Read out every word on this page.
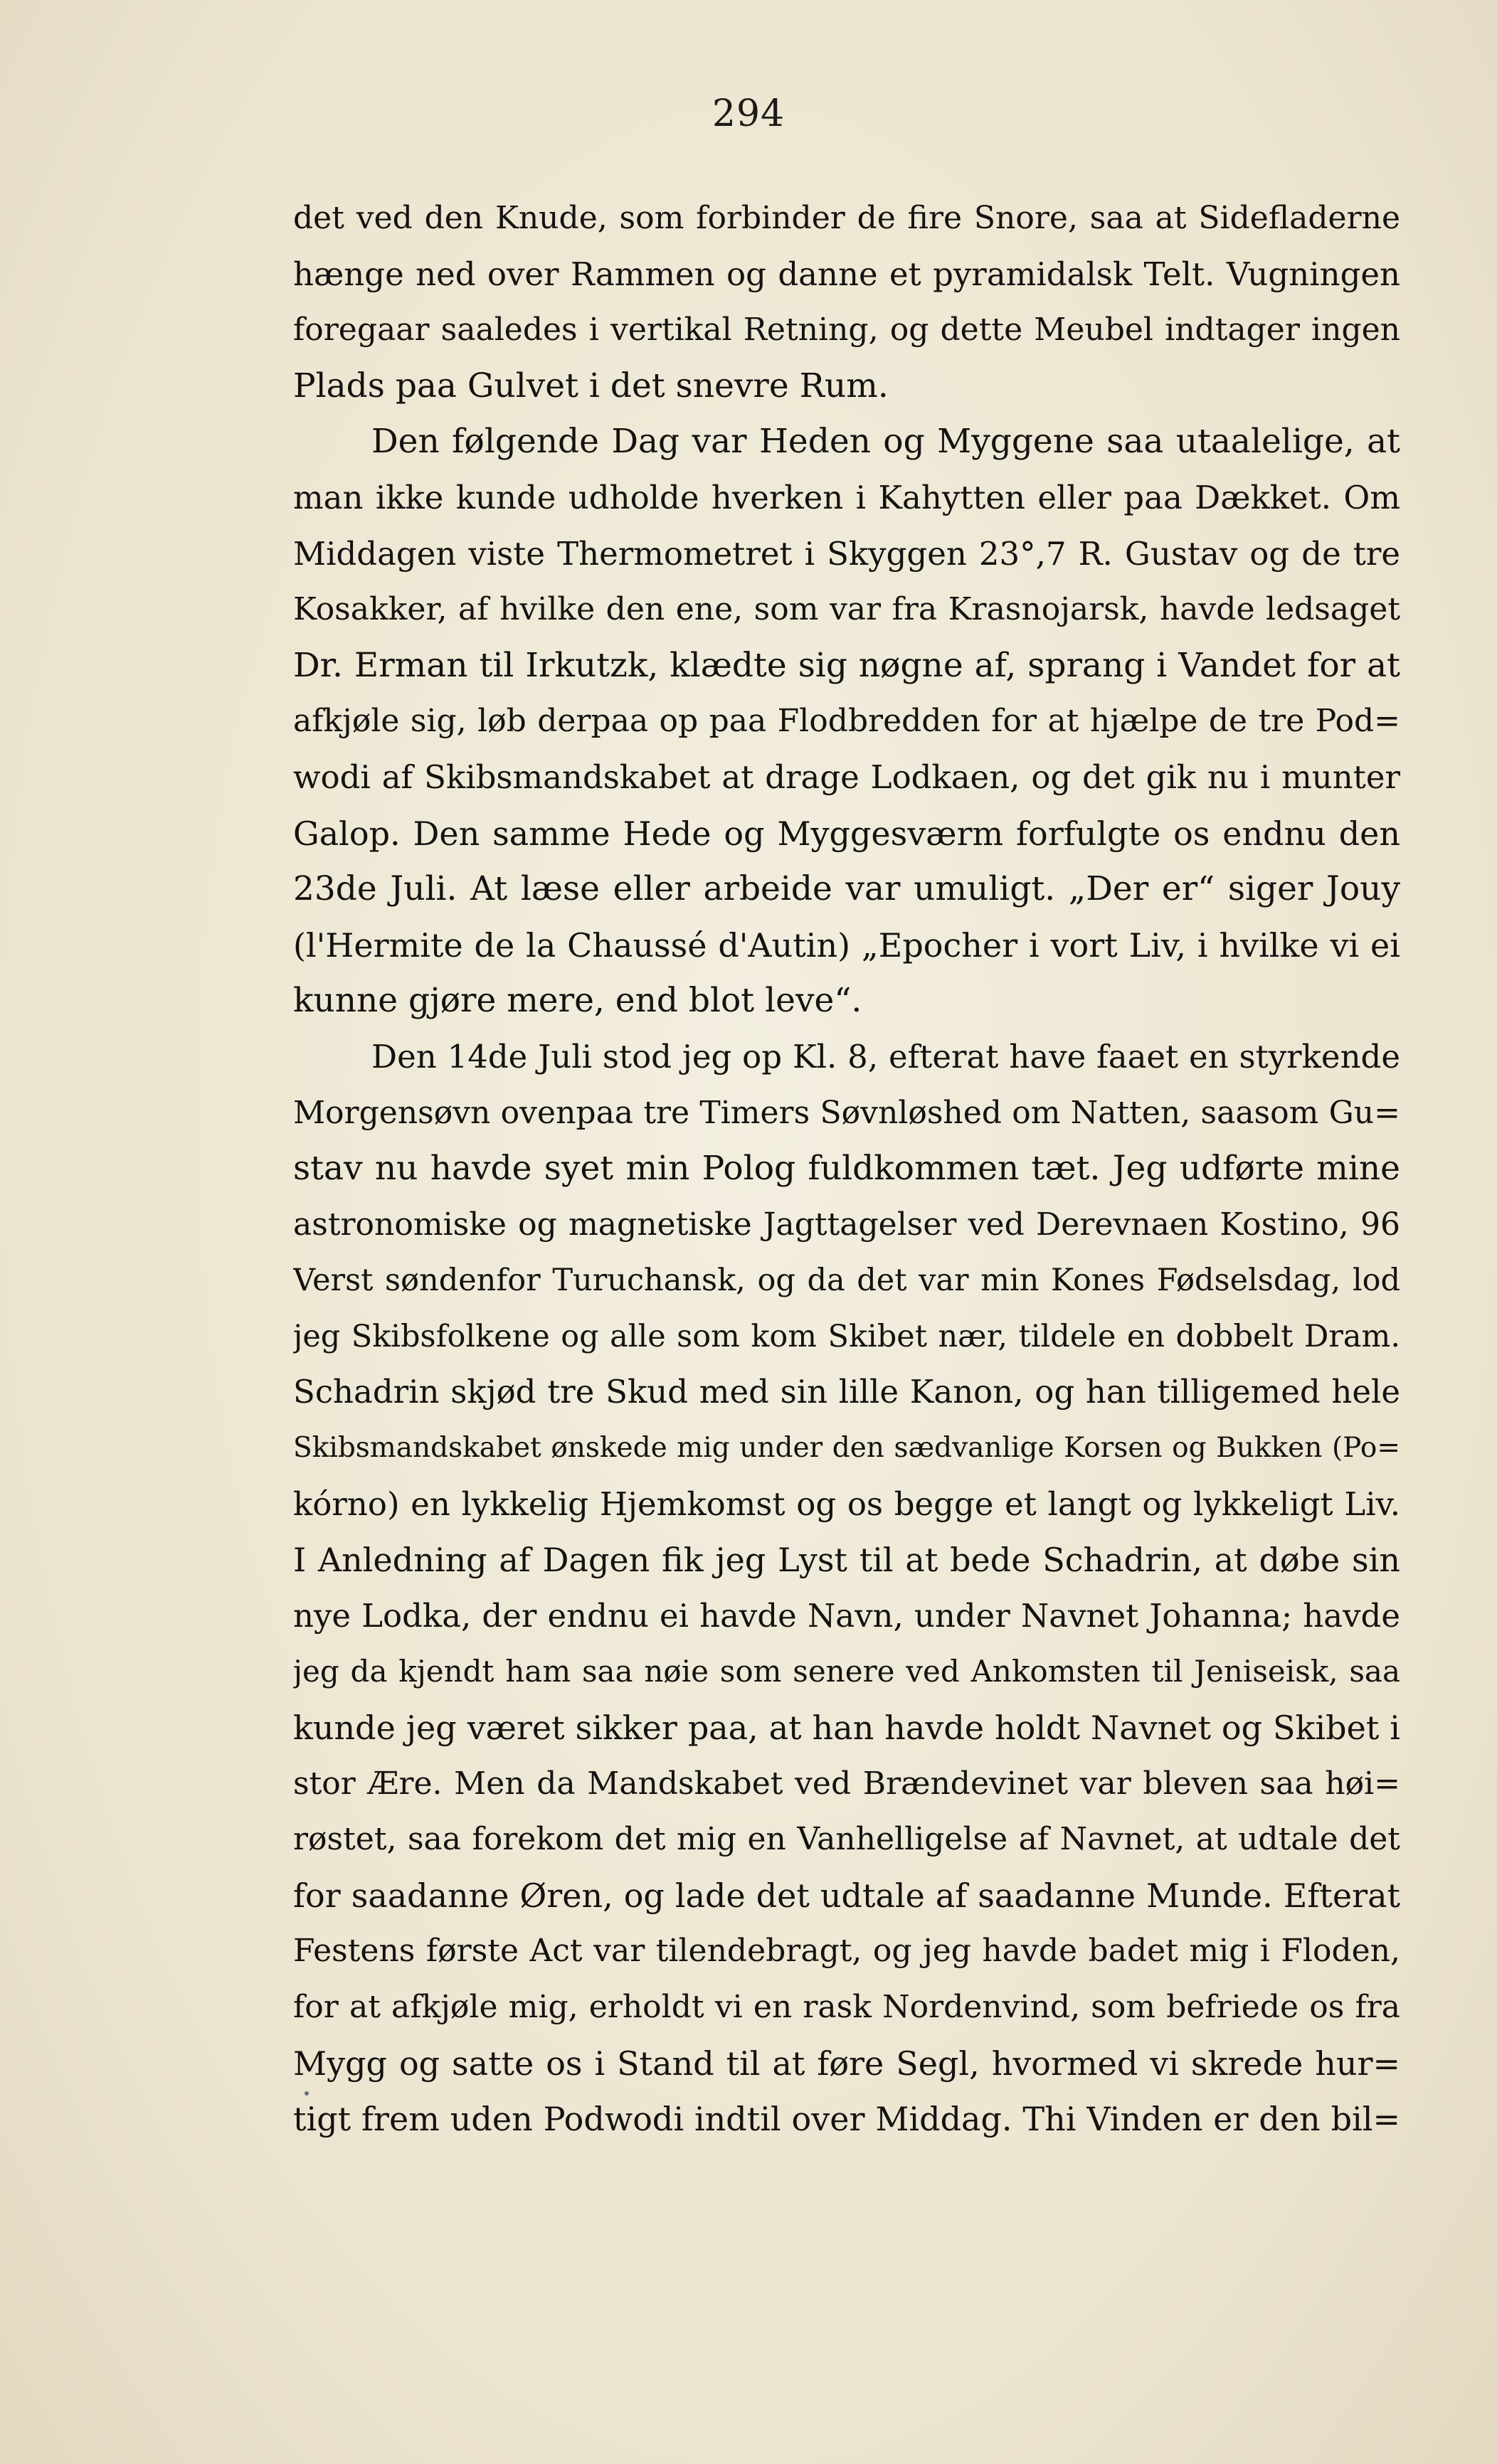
294
det ved den Knude, som forbinder de fire Snore, saa at Sidefladerne
hænge ned over Rammen og danne et pyramidalsk Telt. Vugningen
foregaar saaledes i vertikal Retning, og dette Meubel indtager ingen
Plads paa Gulvet i det snevre Rum.
Den følgende Dag var Heden og Myggene saa utaalelige, at
man ikke kunde udholde hverken i Kahytten eller paa Dækket. Om
Middagen viste Thermometret i Skyggen 23°,7 R. Gustav og de tre
Kosakker, af hvilke den ene, som var fra Krasnojarsk, havde ledsaget
Dr. Erman til Irkutzk, klædte sig nøgne af, sprang i Vandet for at
afkjøle sig, løb derpaa op paa Flodbredden for at hjælpe de tre Pod=
wodi af Skibsmandskabet at drage Lodkaen, og det gik nu i munter
Galop. Den samme Hede og Myggesværm forfulgte os endnu den
23de Juli. At læse eller arbeide var umuligt. „Der er“ siger Jouy
(l'Hermite de la Chaussé d'Autin) „Epocher i vort Liv, i hvilke vi ei
kunne gjøre mere, end blot leve“.
Den 14de Juli stod jeg op Kl. 8, efterat have faaet en styrkende
Morgensøvn ovenpaa tre Timers Søvnløshed om Natten, saasom Gu=
stav nu havde syet min Polog fuldkommen tæt. Jeg udførte mine
astronomiske og magnetiske Jagttagelser ved Derevnaen Kostino, 96
Verst søndenfor Turuchansk, og da det var min Kones Fødselsdag, lod
jeg Skibsfolkene og alle som kom Skibet nær, tildele en dobbelt Dram.
Schadrin skjød tre Skud med sin lille Kanon, og han tilligemed hele
Skibsmandskabet ønskede mig under den sædvanlige Korsen og Bukken (Po=
kórno) en lykkelig Hjemkomst og os begge et langt og lykkeligt Liv.
I Anledning af Dagen fik jeg Lyst til at bede Schadrin, at døbe sin
nye Lodka, der endnu ei havde Navn, under Navnet Johanna; havde
jeg da kjendt ham saa nøie som senere ved Ankomsten til Jeniseisk, saa
kunde jeg været sikker paa, at han havde holdt Navnet og Skibet i
stor Ære. Men da Mandskabet ved Brændevinet var bleven saa høi=
røstet, saa forekom det mig en Vanhelligelse af Navnet, at udtale det
for saadanne Øren, og lade det udtale af saadanne Munde. Efterat
Festens første Act var tilendebragt, og jeg havde badet mig i Floden,
for at afkjøle mig, erholdt vi en rask Nordenvind, som befriede os fra
Mygg og satte os i Stand til at føre Segl, hvormed vi skrede hur=
tigt frem uden Podwodi indtil over Middag. Thi Vinden er den bil=
